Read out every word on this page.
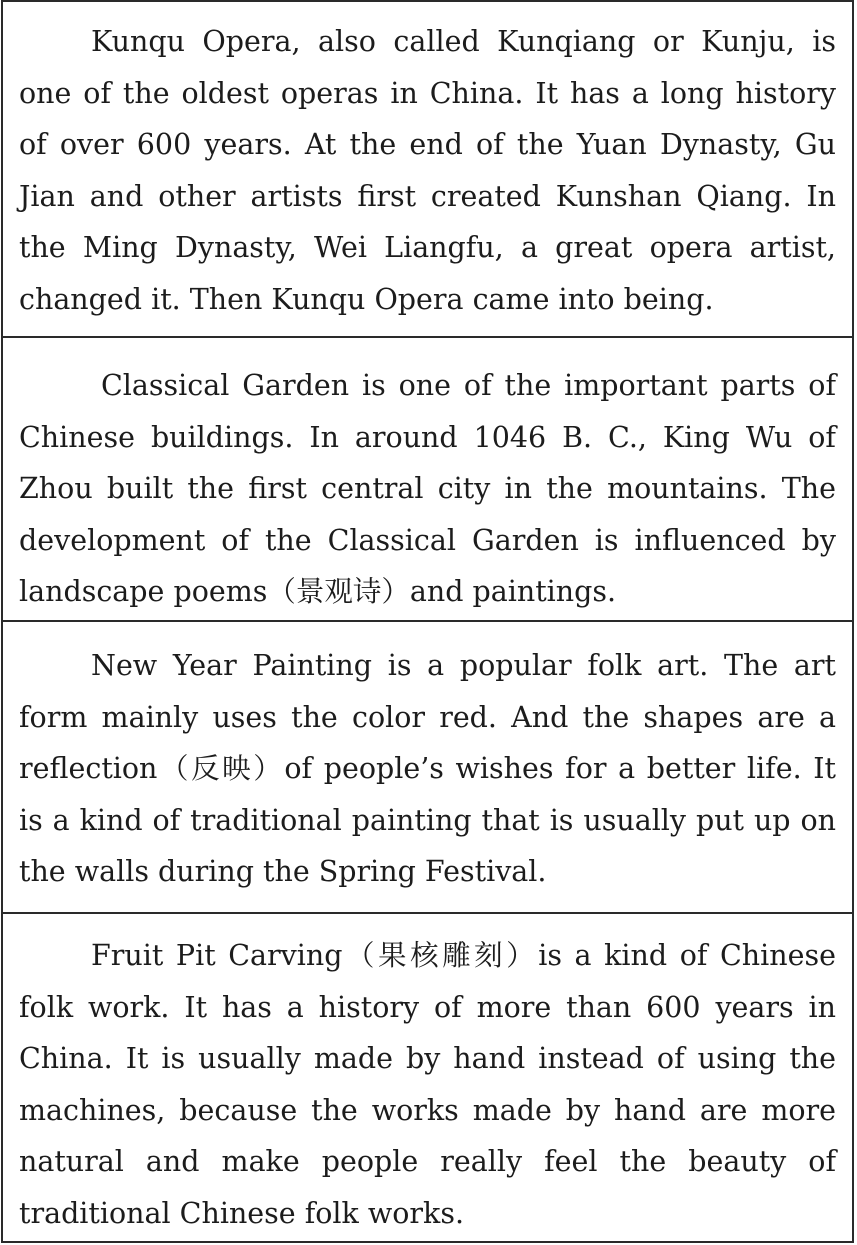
Kunqu Opera, also called Kunqiang or Kunju, is one of the oldest operas in China. It has a long history of over 600 years. At the end of the Yuan Dynasty, Gu Jian and other artists first created Kunshan Qiang. In the Ming Dynasty, Wei Liangfu, a great opera artist, changed it. Then Kunqu Opera came into being.
Classical Garden is one of the important parts of Chinese buildings. In around 1046 B. C., King Wu of Zhou built the first central city in the mountains. The development of the Classical Garden is influenced by landscape poems（景观诗）and paintings.
New Year Painting is a popular folk art. The art form mainly uses the color red. And the shapes are a reflection（反映）of people’s wishes for a better life. It is a kind of traditional painting that is usually put up on the walls during the Spring Festival.
Fruit Pit Carving（果核雕刻）is a kind of Chinese folk work. It has a history of more than 600 years in China. It is usually made by hand instead of using the machines, because the works made by hand are more natural and make people really feel the beauty of traditional Chinese folk works.
